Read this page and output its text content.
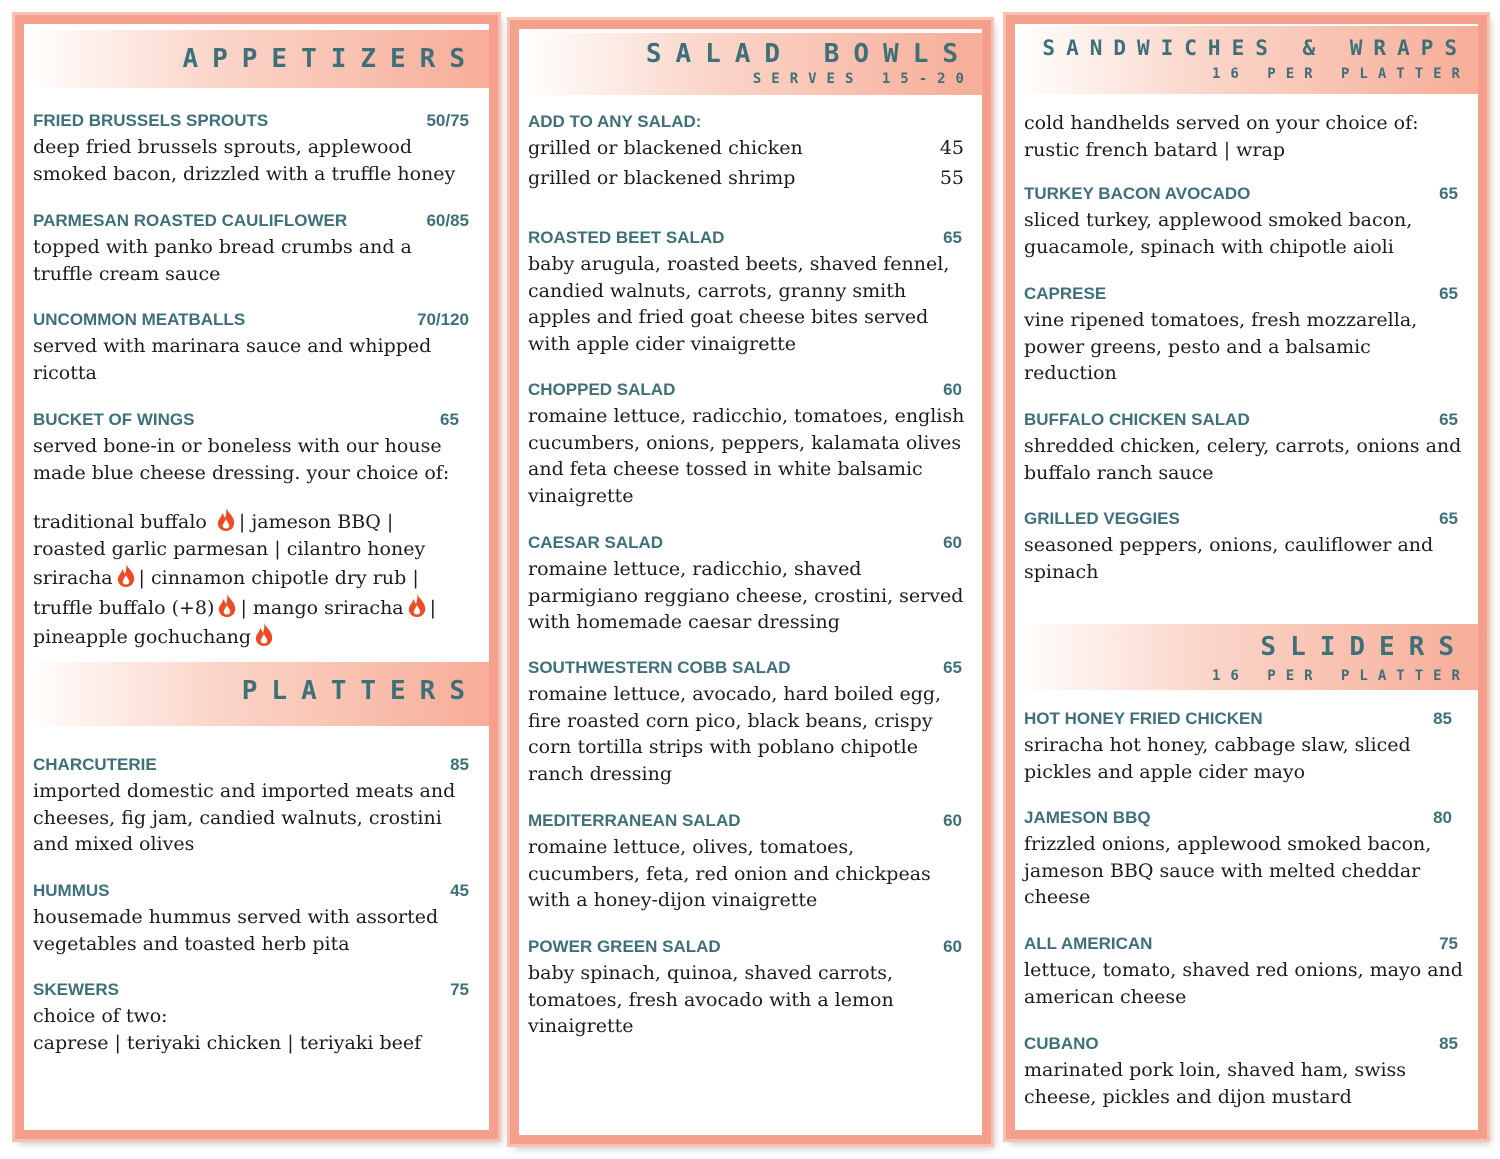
APPETIZERS
FRIED BRUSSELS SPROUTS	50/75
deep fried brussels sprouts, applewood smoked bacon, drizzled with a truffle honey
PARMESAN ROASTED CAULIFLOWER	60/85
topped with panko bread crumbs and a truffle cream sauce
UNCOMMON MEATBALLS	70/120
served with marinara sauce and whipped ricotta
BUCKET OF WINGS	65
served bone-in or boneless with our house made blue cheese dressing. your choice of:
traditional buffalo | jameson BBQ |
roasted garlic parmesan | cilantro honey sriracha | cinnamon chipotle dry rub | truffle buffalo (+8) | mango sriracha | pineapple gochuchang
PLATTERS
CHARCUTERIE	85
imported domestic and imported meats and cheeses, fig jam, candied walnuts, crostini and mixed olives
HUMMUS	45
housemade hummus served with assorted vegetables and toasted herb pita
SKEWERS	75
choice of two:
caprese | teriyaki chicken | teriyaki beef
SALAD BOWLS
SERVES 15-20
ADD TO ANY SALAD:
grilled or blackened chicken	45
grilled or blackened shrimp	55
ROASTED BEET SALAD	65
baby arugula, roasted beets, shaved fennel, candied walnuts, carrots, granny smith apples and fried goat cheese bites served with apple cider vinaigrette
CHOPPED SALAD	60
romaine lettuce, radicchio, tomatoes, english cucumbers, onions, peppers, kalamata olives and feta cheese tossed in white balsamic vinaigrette
CAESAR SALAD	60
romaine lettuce, radicchio, shaved parmigiano reggiano cheese, crostini, served with homemade caesar dressing
SOUTHWESTERN COBB SALAD	65
romaine lettuce, avocado, hard boiled egg, fire roasted corn pico, black beans, crispy corn tortilla strips with poblano chipotle ranch dressing
MEDITERRANEAN SALAD	60
romaine lettuce, olives, tomatoes, cucumbers, feta, red onion and chickpeas with a honey-dijon vinaigrette
POWER GREEN SALAD	60
baby spinach, quinoa, shaved carrots, tomatoes, fresh avocado with a lemon vinaigrette
SANDWICHES & WRAPS
16 PER PLATTER
cold handhelds served on your choice of: rustic french batard | wrap
TURKEY BACON AVOCADO	65
sliced turkey, applewood smoked bacon, guacamole, spinach with chipotle aioli
CAPRESE	65
vine ripened tomatoes, fresh mozzarella, power greens, pesto and a balsamic reduction
BUFFALO CHICKEN SALAD	65
shredded chicken, celery, carrots, onions and buffalo ranch sauce
GRILLED VEGGIES	65
seasoned peppers, onions, cauliflower and spinach
SLIDERS
16 PER PLATTER
HOT HONEY FRIED CHICKEN	85
sriracha hot honey, cabbage slaw, sliced pickles and apple cider mayo
JAMESON BBQ	80
frizzled onions, applewood smoked bacon, jameson BBQ sauce with melted cheddar cheese
ALL AMERICAN	75
lettuce, tomato, shaved red onions, mayo and american cheese
CUBANO	85
marinated pork loin, shaved ham, swiss cheese, pickles and dijon mustard
